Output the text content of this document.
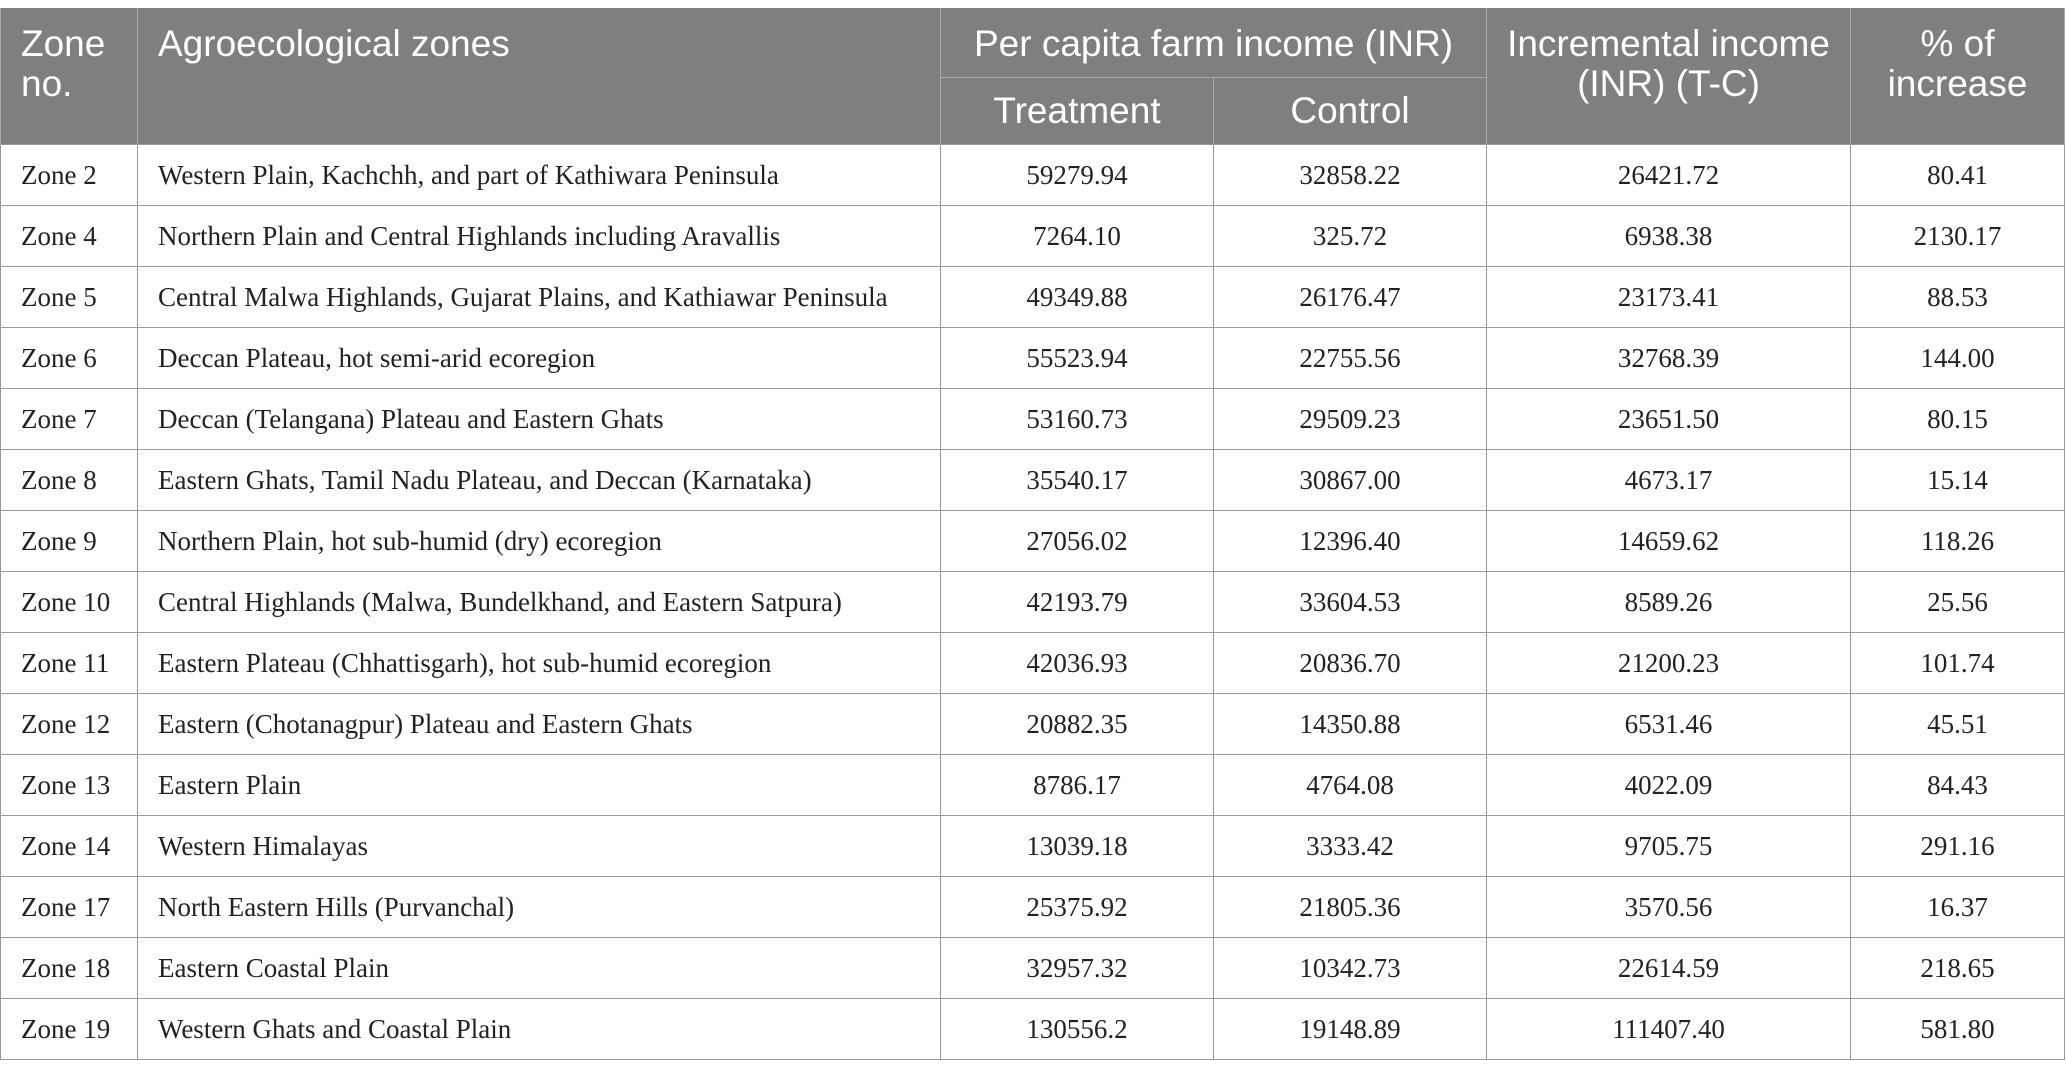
Zone no.	Agroecological zones	Per capita farm income (INR)		Incremental income (INR) (T-C)	% of increase
		Treatment	Control		
Zone 2	Western Plain, Kachchh, and part of Kathiwara Peninsula	59279.94	32858.22	26421.72	80.41
Zone 4	Northern Plain and Central Highlands including Aravallis	7264.10	325.72	6938.38	2130.17
Zone 5	Central Malwa Highlands, Gujarat Plains, and Kathiawar Peninsula	49349.88	26176.47	23173.41	88.53
Zone 6	Deccan Plateau, hot semi-arid ecoregion	55523.94	22755.56	32768.39	144.00
Zone 7	Deccan (Telangana) Plateau and Eastern Ghats	53160.73	29509.23	23651.50	80.15
Zone 8	Eastern Ghats, Tamil Nadu Plateau, and Deccan (Karnataka)	35540.17	30867.00	4673.17	15.14
Zone 9	Northern Plain, hot sub-humid (dry) ecoregion	27056.02	12396.40	14659.62	118.26
Zone 10	Central Highlands (Malwa, Bundelkhand, and Eastern Satpura)	42193.79	33604.53	8589.26	25.56
Zone 11	Eastern Plateau (Chhattisgarh), hot sub-humid ecoregion	42036.93	20836.70	21200.23	101.74
Zone 12	Eastern (Chotanagpur) Plateau and Eastern Ghats	20882.35	14350.88	6531.46	45.51
Zone 13	Eastern Plain	8786.17	4764.08	4022.09	84.43
Zone 14	Western Himalayas	13039.18	3333.42	9705.75	291.16
Zone 17	North Eastern Hills (Purvanchal)	25375.92	21805.36	3570.56	16.37
Zone 18	Eastern Coastal Plain	32957.32	10342.73	22614.59	218.65
Zone 19	Western Ghats and Coastal Plain	130556.2	19148.89	111407.40	581.80
